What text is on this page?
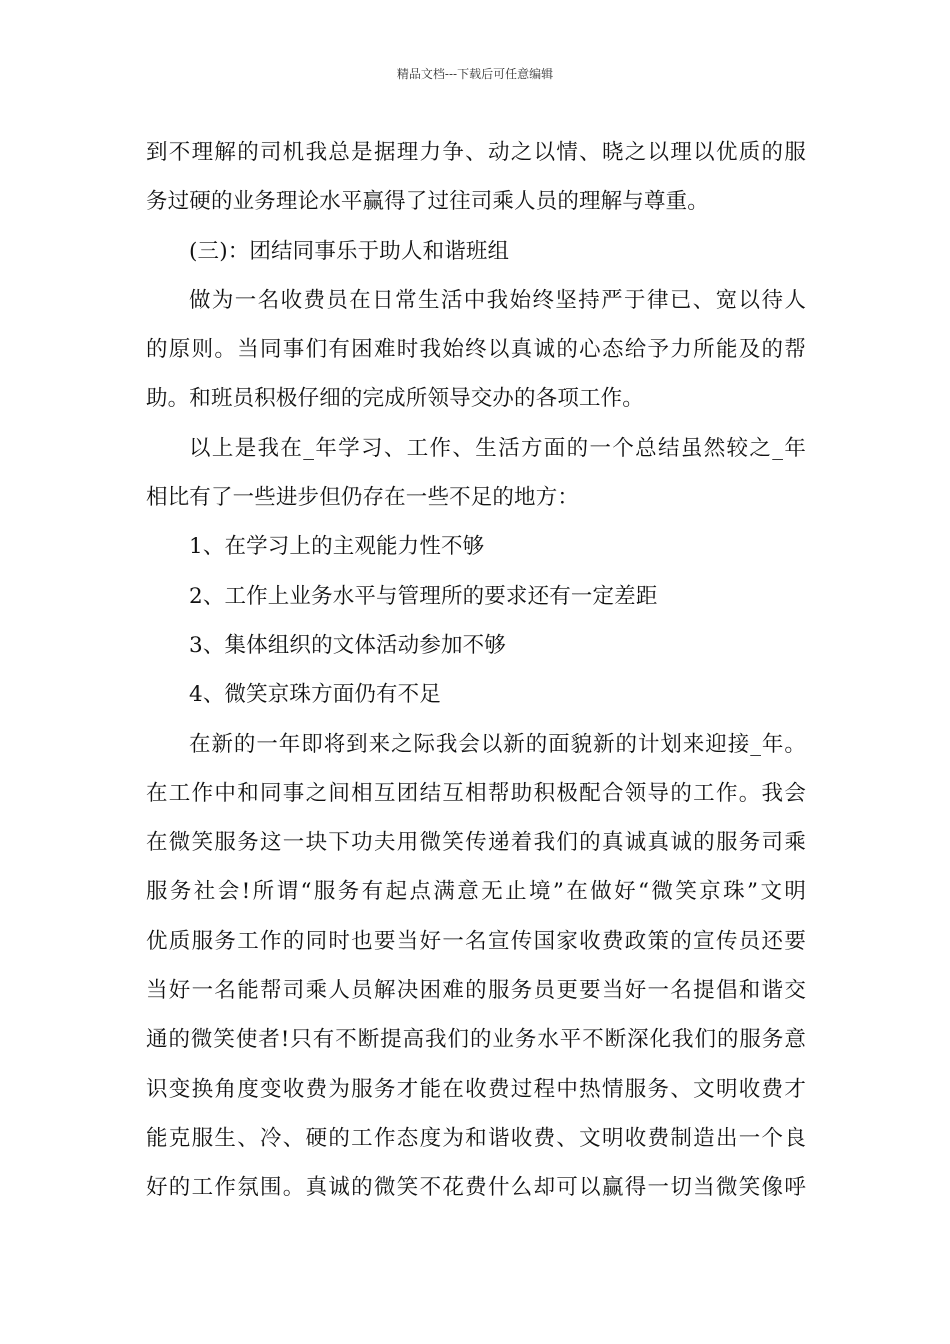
精品文档---下载后可任意编辑
到不理解的司机我总是据理力争、动之以情、晓之以理以优质的服
务过硬的业务理论水平赢得了过往司乘人员的理解与尊重。
(三)：团结同事乐于助人和谐班组
做为一名收费员在日常生活中我始终坚持严于律已、宽以待人
的原则。当同事们有困难时我始终以真诚的心态给予力所能及的帮
助。和班员积极仔细的完成所领导交办的各项工作。
以上是我在_年学习、工作、生活方面的一个总结虽然较之_年
相比有了一些进步但仍存在一些不足的地方：
1、在学习上的主观能力性不够
2、工作上业务水平与管理所的要求还有一定差距
3、集体组织的文体活动参加不够
4、微笑京珠方面仍有不足
在新的一年即将到来之际我会以新的面貌新的计划来迎接_年。
在工作中和同事之间相互团结互相帮助积极配合领导的工作。我会
在微笑服务这一块下功夫用微笑传递着我们的真诚真诚的服务司乘
服务社会!所谓“服务有起点满意无止境”在做好“微笑京珠”文明
优质服务工作的同时也要当好一名宣传国家收费政策的宣传员还要
当好一名能帮司乘人员解决困难的服务员更要当好一名提倡和谐交
通的微笑使者!只有不断提高我们的业务水平不断深化我们的服务意
识变换角度变收费为服务才能在收费过程中热情服务、文明收费才
能克服生、冷、硬的工作态度为和谐收费、文明收费制造出一个良
好的工作氛围。真诚的微笑不花费什么却可以赢得一切当微笑像呼
